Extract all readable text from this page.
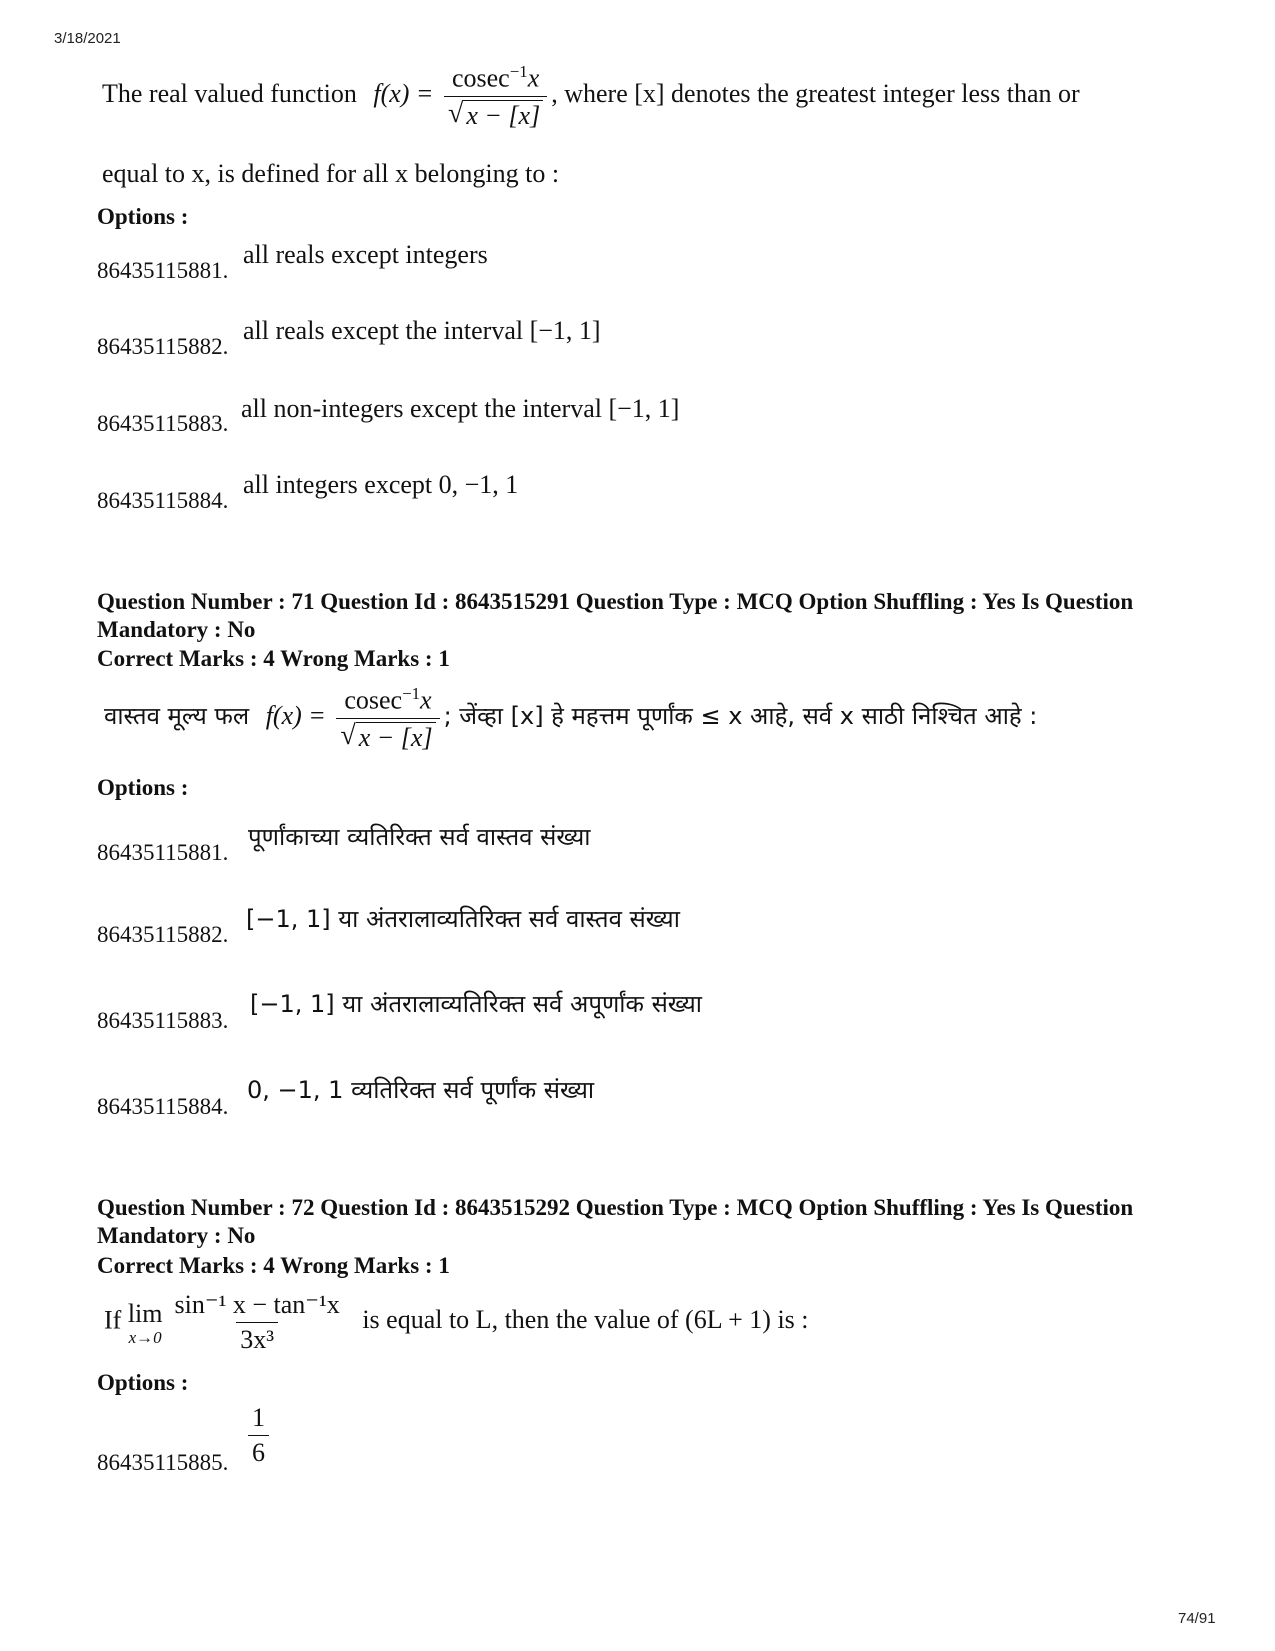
3/18/2021
The real valued function $f(x) = \frac{cosec^{-1}x}{√ x - [x]}$ , where [x] denotes the greatest integer less than or
equal to x, is defined for all x belonging to :
Options :
86435115881.
all reals except integers
86435115882.
all reals except the interval [−1, 1]
86435115883.
all non-integers except the interval [−1, 1]
86435115884.
all integers except 0, −1, 1
Question Number : 71 Question Id : 8643515291 Question Type : MCQ Option Shuffling : Yes Is Question Mandatory : No
Correct Marks : 4 Wrong Marks : 1
वास्तव मूल्य फल $f(x) = \frac{cosec^{-1}x}{√ x - [x]}$ ; जेंव्हा [x] हे महत्तम पूर्णांक ≤ x आहे, सर्व x साठी निश्चित आहे :
Options :
86435115881.
पूर्णांकाच्या व्यतिरिक्त सर्व वास्तव संख्या
86435115882.
[−1, 1] या अंतरालाव्यतिरिक्त सर्व वास्तव संख्या
86435115883.
[−1, 1] या अंतरालाव्यतिरिक्त सर्व अपूर्णांक संख्या
86435115884.
0, −1, 1 व्यतिरिक्त सर्व पूर्णांक संख्या
Question Number : 72 Question Id : 8643515292 Question Type : MCQ Option Shuffling : Yes Is Question Mandatory : No
Correct Marks : 4 Wrong Marks : 1
If lim
$x\to 0 \frac{\text{sin⁻¹ x − tan⁻¹x}}{\text{3x³}}$ is equal to L, then the value of (6L + 1) is :
Options :
86435115885. $\frac{1}{6}$
74/91
